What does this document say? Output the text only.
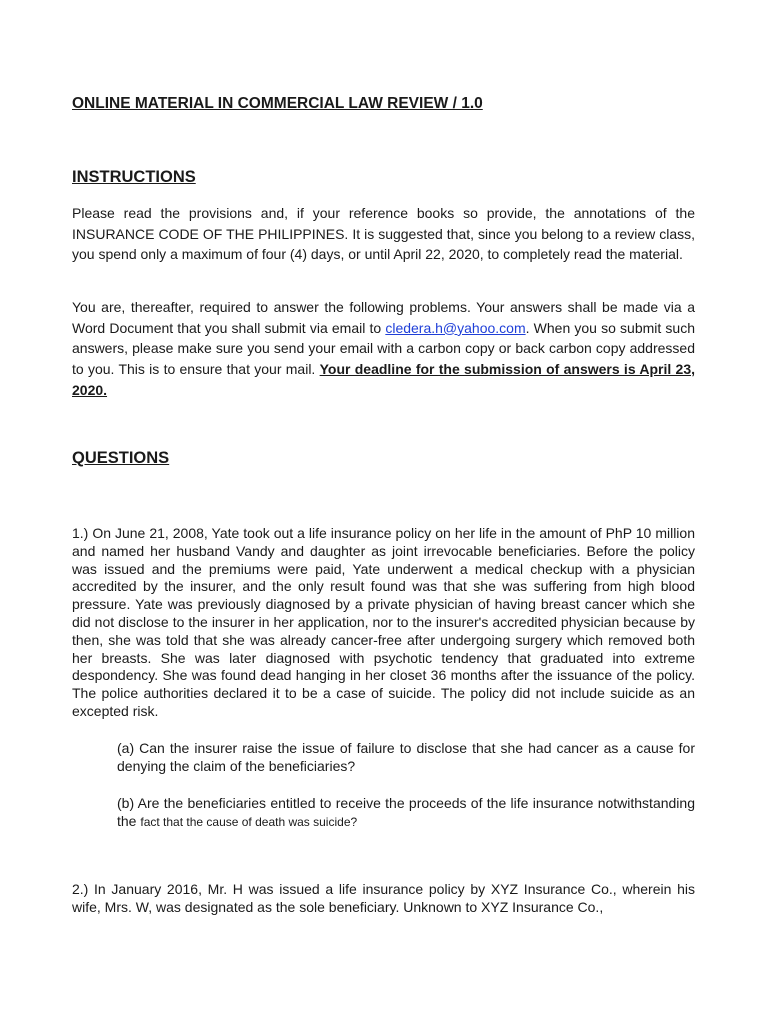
ONLINE MATERIAL IN COMMERCIAL LAW REVIEW / 1.0
INSTRUCTIONS

Please read the provisions and, if your reference books so provide, the annotations of the INSURANCE CODE OF THE PHILIPPINES. It is suggested that, since you belong to a review class, you spend only a maximum of four (4) days, or until April 22, 2020, to completely read the material.

You are, thereafter, required to answer the following problems. Your answers shall be made via a Word Document that you shall submit via email to cledera.h@yahoo.com. When you so submit such answers, please make sure you send your email with a carbon copy or back carbon copy addressed to you. This is to ensure that your mail. Your deadline for the submission of answers is April 23, 2020.

QUESTIONS

1.) On June 21, 2008, Yate took out a life insurance policy on her life in the amount of PhP 10 million and named her husband Vandy and daughter as joint irrevocable beneficiaries. Before the policy was issued and the premiums were paid, Yate underwent a medical checkup with a physician accredited by the insurer, and the only result found was that she was suffering from high blood pressure. Yate was previously diagnosed by a private physician of having breast cancer which she did not disclose to the insurer in her application, nor to the insurer's accredited physician because by then, she was told that she was already cancer-free after undergoing surgery which removed both her breasts. She was later diagnosed with psychotic tendency that graduated into extreme despondency. She was found dead hanging in her closet 36 months after the issuance of the policy. The police authorities declared it to be a case of suicide. The policy did not include suicide as an excepted risk.

(a) Can the insurer raise the issue of failure to disclose that she had cancer as a cause for denying the claim of the beneficiaries?

(b) Are the beneficiaries entitled to receive the proceeds of the life insurance notwithstanding the fact that the cause of death was suicide?

2.) In January 2016, Mr. H was issued a life insurance policy by XYZ Insurance Co., wherein his wife, Mrs. W, was designated as the sole beneficiary. Unknown to XYZ Insurance Co.,
